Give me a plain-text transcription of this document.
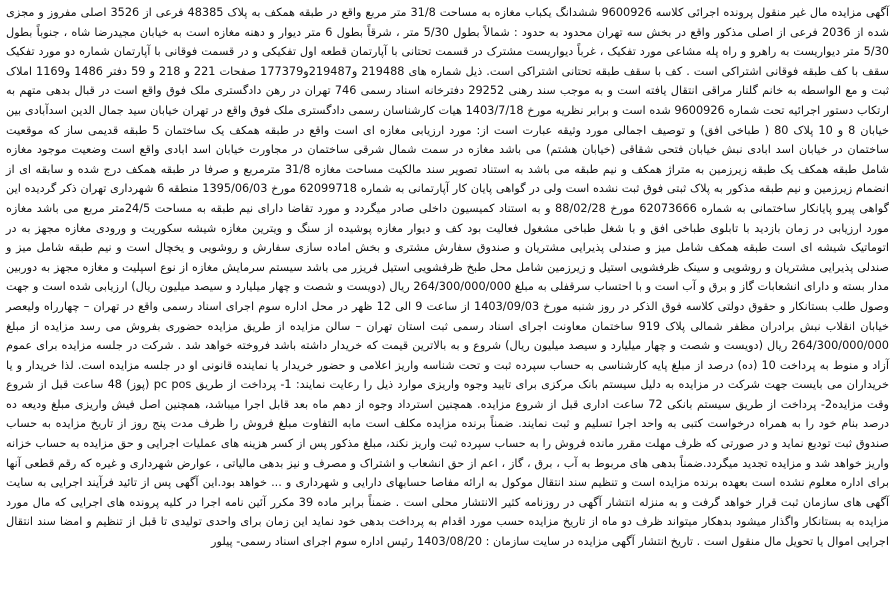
آگهی مزایده مال غیر منقول پرونده اجرائی کلاسه 9600926 ششدانگ یکباب مغازه به مساحت 31/8 متر مربع واقع در طبقه همکف به پلاک 48385 فرعی از 3526 اصلی مفروز و مجزی شده از 2036 فرعی از اصلی مذکور واقع در بخش سه تهران محدود به حدود : شمالاً بطول 5/30 متر ، شرقاً بطول 6 متر دیوار و دهنه مغازه است به خیابان مجیدرضا شاه ، جنوباً بطول 5/30 متر دیواریست به راهرو و راه پله مشاعی مورد تفکیک ، غرباً دیواریست مشترک در قسمت تحتانی با آپارتمان قطعه اول تفکیکی و در قسمت فوقانی با آپارتمان شماره دو مورد تفکیک سقف با کف طبقه فوقانی اشتراکی است . کف با سقف طبقه تحتانی اشتراکی است. ذیل شماره های 219488 و219487و177379 صفحات 221 و 218 و 59 دفتر 1486 و1169 املاک ثبت و مع الواسطه به خانم گلنار مراقی انتقال یافته است و به موجب سند رهنی 29252 دفترخانه اسناد رسمی 746 تهران در رهن دادگستری ملک فوق واقع است در قبال بدهی متهم به ارتکاب دستور اجرائیه تحت شماره 9600926 شده است و برابر نظریه مورخ 1403/7/18 هیات کارشناسان رسمی دادگستری ملک فوق واقع در تهران خیابان سید جمال الدین اسدآبادی بین خیابان 8 و 10 پلاک 80 ( طباخی افق) و توصیف اجمالی مورد وثیقه عبارت است از: مورد ارزیابی مغازه ای است واقع در طبقه همکف یک ساختمان 5 طبقه قدیمی ساز که موقعیت ساختمان در خیابان اسد ابادی نبش خیابان فتحی شقاقی (خیابان هشتم) می باشد مغازه در سمت شمال شرقی ساختمان در مجاورت خیابان اسد ابادی واقع است وضعیت موجود مغازه شامل طبقه همکف یک طبقه زیرزمین به متراژ همکف و نیم طبقه می باشد به استناد تصویر سند مالکیت مساحت مغازه 31/8 مترمربع و صرفا در طبقه همکف درج شده و سابقه ای از انضمام زیرزمین و نیم طبقه مذکور به پلاک ثبتی فوق ثبت نشده است ولی در گواهی پایان کار آپارتمانی به شماره 62099718 مورخ 1395/06/03 منطقه 6 شهرداری تهران ذکر گردیده این گواهی پیرو پایانکار ساختمانی به شماره 62073666 مورخ 88/02/28 و به استناد کمیسیون داخلی صادر میگردد و مورد تقاضا دارای نیم طبقه به مساحت 24/5متر مربع می باشد مغازه مورد ارزیابی در زمان بازدید با تابلوی طباخی افق و با شغل طباخی مشغول فعالیت بود کف و دیوار مغازه پوشیده از سنگ و ویترین مغازه شیشه سکوریت و ورودی مغازه مجهز به در اتوماتیک شیشه ای است طبقه همکف شامل میز و صندلی پذیرایی مشتریان و صندوق سفارش مشتری و بخش اماده سازی سفارش و روشویی و یخچال است و نیم طبقه شامل میز و صندلی پذیرایی مشتریان و روشویی و سینک ظرفشویی استیل و زیرزمین شامل محل طبخ ظرفشویی استیل فریزر می باشد سیستم سرمایش مغازه از نوع اسپلیت و مغازه مجهز به دوربین مدار بسته و دارای انشعابات گاز و برق و آب است و با احتساب سرقفلی به مبلغ 264/300/000/000 ریال (دویست و شصت و چهار میلیارد و سیصد میلیون ریال) ارزیابی شده است و جهت وصول طلب بستانکار و حقوق دولتی کلاسه فوق الذکر در روز شنبه مورخ 1403/09/03 از ساعت 9 الی 12 ظهر در محل اداره سوم اجرای اسناد رسمی واقع در تهران – چهارراه ولیعصر خیابان انقلاب نبش برادران مظفر شمالی پلاک 919 ساختمان معاونت اجرای اسناد رسمی ثبت استان تهران – سالن مزایده از طریق مزایده حضوری بفروش می رسد مزایده از مبلغ 264/300/000/000 ریال (دویست و شصت و چهار میلیارد و سیصد میلیون ریال) شروع و به بالاترین قیمت که خریدار داشته باشد فروخته خواهد شد . شرکت در جلسه مزایده برای عموم آزاد و منوط به پرداخت 10 (ده) درصد از مبلغ پایه کارشناسی به حساب سپرده ثبت و تحت شناسه واریز اعلامی و حضور خریدار یا نماینده قانونی او در جلسه مزایده است. لذا خریدار و یا خریداران می بایست جهت شرکت در مزایده به دلیل سیستم بانک مرکزی برای تایید وجوه واریزی موارد ذیل را رعایت نمایند: 1- پرداخت از طریق pc pos (پوز) 48 ساعت قبل از شروع وقت مزایده2- پرداخت از طریق سیستم بانکی 72 ساعت اداری قبل از شروع مزایده. همچنین استرداد وجوه از دهم ماه بعد قابل اجرا میباشد، همچنین اصل فیش واریزی مبلغ ودیعه ده درصد بنام خود را به همراه درخواست کتبی به واحد اجرا تسلیم و ثبت نمایند. ضمناً برنده مزایده مکلف است مابه التفاوت مبلغ فروش را ظرف مدت پنج روز از تاریخ مزایده به حساب صندوق ثبت تودیع نماید و در صورتی که ظرف مهلت مقرر مانده فروش را به حساب سپرده ثبت واریز نکند، مبلغ مذکور پس از کسر هزینه های عملیات اجرایی و حق مزایده به حساب خزانه واریز خواهد شد و مزایده تجدید میگردد.ضمناً بدهی های مربوط به آب ، برق ، گاز ، اعم از حق انشعاب و اشتراک و مصرف و نیز بدهی مالیاتی ، عوارض شهرداری و غیره که رقم قطعی آنها برای اداره معلوم نشده است بعهده برنده مزایده است و تنظیم سند انتقال موکول به ارائه مفاصا حسابهای دارایی و شهرداری و ... خواهد بود.این آگهی پس از تائید فرآیند اجرایی به سایت آگهی های سازمان ثبت قرار خواهد گرفت و به منزله انتشار آگهی در روزنامه کثیر الانتشار محلی است . ضمناً برابر ماده 39 مکرر آئین نامه اجرا در کلیه پرونده های اجرایی که مال مورد مزایده به بستانکار واگذار میشود بدهکار میتواند ظرف دو ماه از تاریخ مزایده حسب مورد اقدام به پرداخت بدهی خود نماید این زمان برای واحدی تولیدی تا قبل از تنظیم و امضا سند انتقال اجرایی اموال یا تحویل مال منقول است . تاریخ انتشار آگهی مزایده در سایت سازمان : 1403/08/20 رئیس اداره سوم اجرای اسناد رسمی- پیلور
